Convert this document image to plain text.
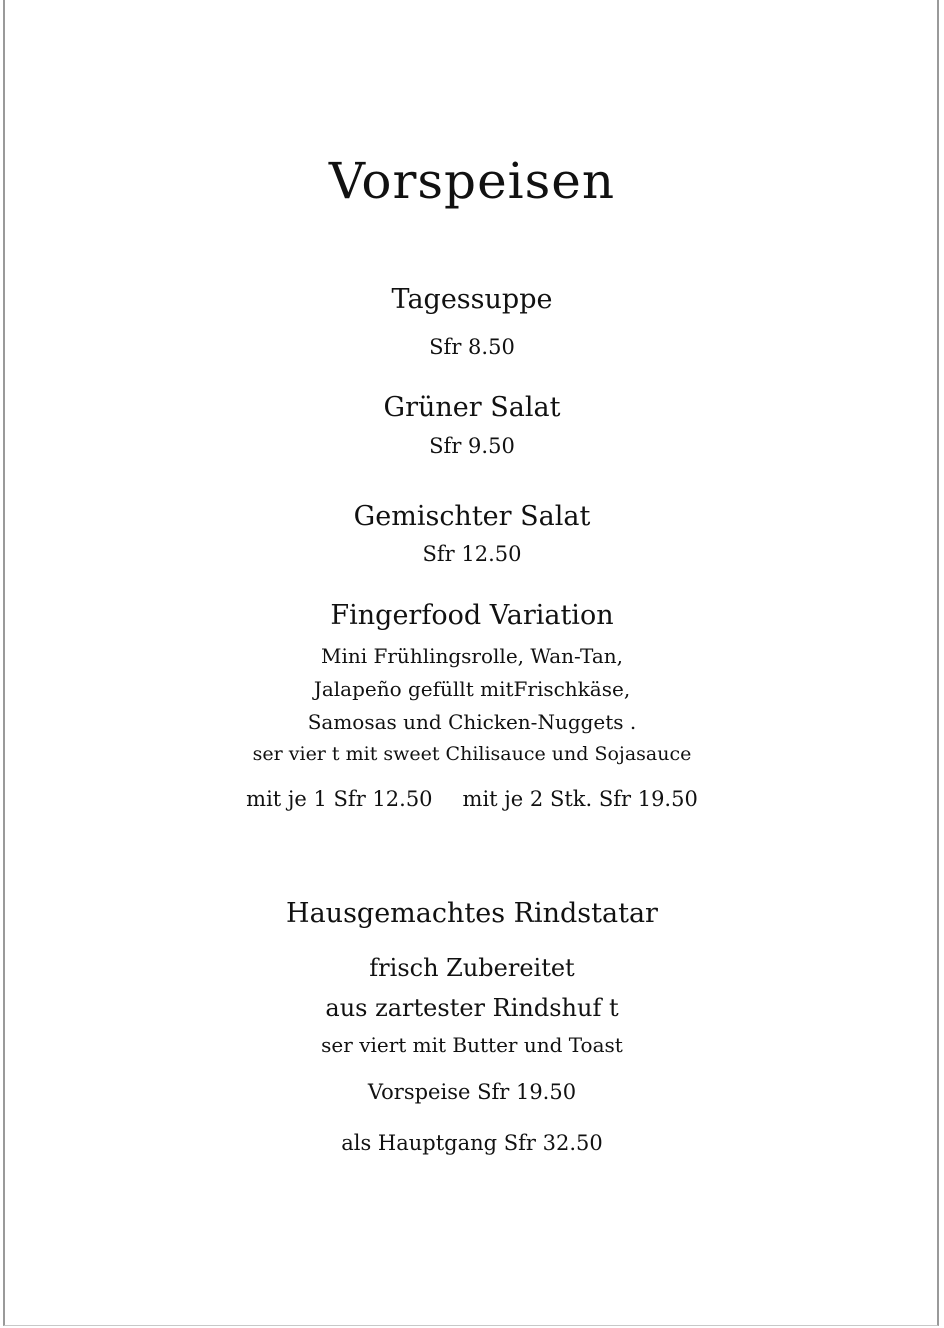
Vorspeisen
Tagessuppe
Sfr 8.50
Grüner Salat
Sfr 9.50
Gemischter Salat
Sfr 12.50
Fingerfood Variation
Mini Frühlingsrolle, Wan-Tan,
Jalapeño gefüllt mitFrischkäse,
Samosas und Chicken-Nuggets .
ser vier t mit sweet Chilisauce und Sojasauce
mit je 1 Sfr 12.50 mit je 2 Stk. Sfr 19.50
Hausgemachtes Rindstatar
frisch Zubereitet
aus zartester Rindshuf t
ser viert mit Butter und Toast
Vorspeise Sfr 19.50
als Hauptgang Sfr 32.50
